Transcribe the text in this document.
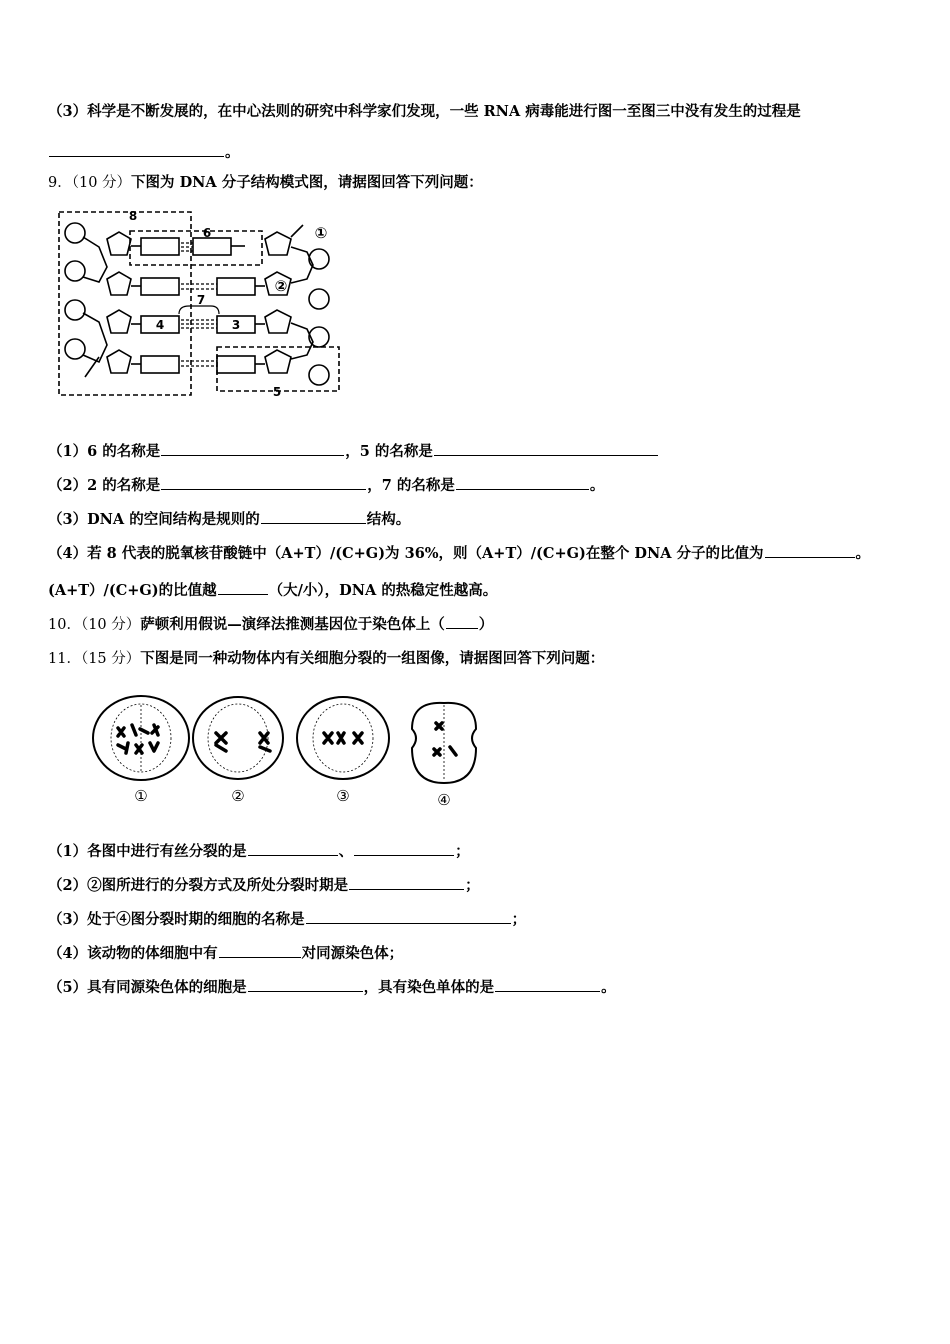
（3）科学是不断发展的，在中心法则的研究中科学家们发现，一些 RNA 病毒能进行图一至图三中没有发生的过程是
。
9．（10 分）下图为 DNA 分子结构模式图，请据图回答下列问题：
8
6	①
②
7
4	3
5
（1）6 的名称是	，5 的名称是
（2）2 的名称是	，7 的名称是	。
（3）DNA 的空间结构是规则的	结构。
（4）若 8 代表的脱氧核苷酸链中（A+T）/(C+G)为 36%，则（A+T）/(C+G)在整个 DNA 分子的比值为	。
(A+T）/(C+G)的比值越	（大/小），DNA 的热稳定性越高。
10．（10 分）萨顿利用假说—演绎法推测基因位于染色体上（ ）
11．（15 分）下图是同一种动物体内有关细胞分裂的一组图像，请据图回答下列问题：
①	②	③	④
（1）各图中进行有丝分裂的是	、	；
（2）②图所进行的分裂方式及所处分裂时期是	；
（3）处于④图分裂时期的细胞的名称是	；
（4）该动物的体细胞中有	对同源染色体；
（5）具有同源染色体的细胞是	，具有染色单体的是	。
